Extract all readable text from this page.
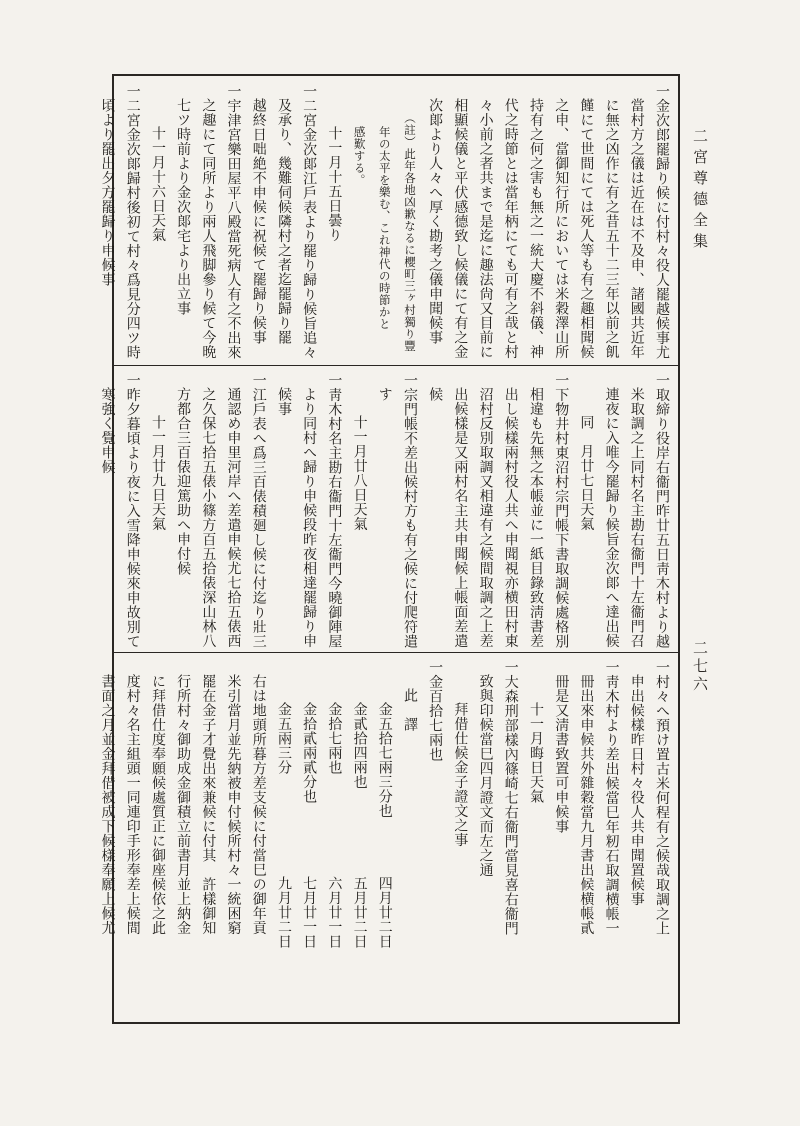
二宮尊德全集
二七六
一金次郎罷歸り候に付村々役人罷越候事尤
當村方之儀は近在は不及申、諸國共近年
に無之凶作に有之昔五十二三年以前之飢
饉にて世間にては死人等も有之趣相聞候
之申、當御知行所においては米穀澤山所
持有之何之害も無之一統大慶不斜儀、神
代之時節とは當年柄にても可有之哉と村
々小前之者共まで是迄に趣法尙又目前に
相顯候儀と平伏感德致し候儀にて有之金
次郞より人々へ厚く勘考之儀申聞候事
（註）此年各地凶歉なるに櫻町三ヶ村獨り豐
年の太平を樂む、これ神代の時節かと
感歎する。
十一月十五日曇り
一二宮金次郞江戶表より罷り歸り候旨追々
及承り、幾難伺候隣村之者迄罷歸り罷
越終日咄絶不申候に祝候て罷歸り候事
一宇津宮樂田屋平八殿當死病人有之不出來
之趣にて同所より兩人飛脚參り候て今晩
七ツ時前より金次郞宅より出立事
十一月十六日天氣
一二宮金次郞歸村後初て村々爲見分四ツ時
頃より罷出夕方罷歸り申候事
一取締り役岸右衞門昨廿五日靑木村より越
米取調之上同村名主勘右衞門十左衞門召
連夜に入唯今罷歸り候旨金次郞へ達出候
同　月廿七日天氣
一下物井村東沼村宗門帳下書取調候處格別
相違も先無之本帳並に一紙目錄致淸書差
出し候樣兩村役人共へ申聞視亦横田村東
沼村反別取調又相違有之候間取調之上差
出候樣是又兩村名主共申聞候上帳面差遣
候
一宗門帳不差出候村方も有之候に付爬符遣
す
十一月廿八日天氣
一靑木村名主勘右衞門十左衞門今曉御陣屋
より同村へ歸り申候段昨夜相達罷歸り申
候事
一江戶表へ爲三百俵積廻し候に付迄り壯三
通認め申里河岸へ差遣申候尤七拾五俵西
之久保七拾五俵小篠方百五拾俵深山林八
方都合三百俵迎篤助へ申付候
十一月廿九日天氣
一昨夕暮頃より夜に入雪降申候來申故別て
寒強く覺申候
一村々へ預け置古米何程有之候哉取調之上
申出候樣昨日村々役人共申聞置候事
一靑木村より差出候當巳年籾石取調横帳一
冊出來申候共外雜穀當九月書出候横帳貳
冊是又淸書致置可申候事
十一月晦日天氣
一大森刑部樣內篠崎七右衞門當見喜右衞門
致與印候當巳四月證文而左之通
拜借仕候金子證文之事
一金百拾七兩也
此　譯
金五拾七兩三分也　　　　四月廿二日
金貳拾四兩也　　　　　　五月廿二日
金拾七兩也　　　　　　　六月廿一日
金拾貳兩貳分也　　　　　七月廿一日
金五兩三分　　　　　　　九月廿二日
右は地頭所暮方差支候に付當巳の御年貢
米引當月並先納被申付候所村々一統困窮
罷在金子才覺出來兼候に付其　許樣御知
行所村々御助成金御積立前書月並上納金
に拜借仕度奉願候處質正に御座候依之此
度村々名主組頭一同連印手形奉差上候間
書面之月並金拜借被成下候樣奉願上候尤
